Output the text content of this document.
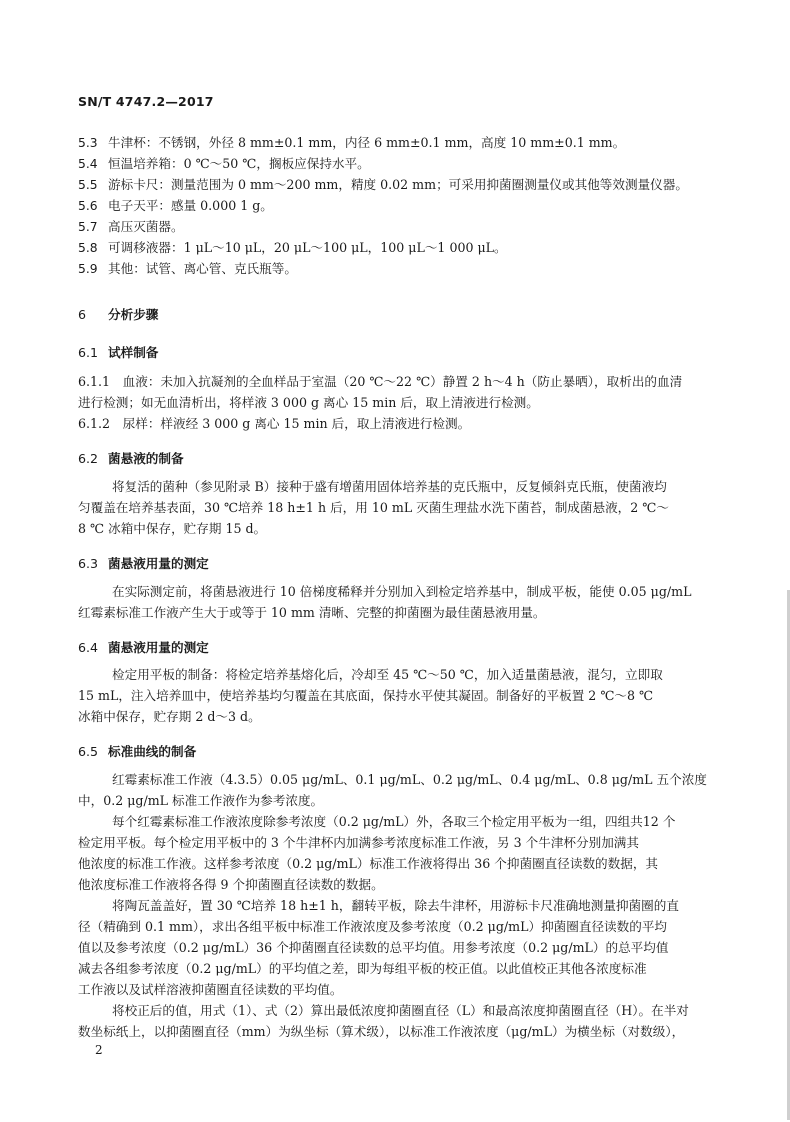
SN/T 4747.2—2017
5.3 牛津杯：不锈钢，外径 8 mm±0.1 mm，内径 6 mm±0.1 mm，高度 10 mm±0.1 mm。
5.4 恒温培养箱：0 ℃～50 ℃，搁板应保持水平。
5.5 游标卡尺：测量范围为 0 mm～200 mm，精度 0.02 mm；可采用抑菌圈测量仪或其他等效测量仪器。
5.6 电子天平：感量 0.000 1 g。
5.7 高压灭菌器。
5.8 可调移液器：1 μL～10 μL，20 μL～100 μL，100 μL～1 000 μL。
5.9 其他：试管、离心管、克氏瓶等。
6 分析步骤
6.1 试样制备
6.1.1　血液：未加入抗凝剂的全血样品于室温（20 ℃～22 ℃）静置 2 h～4 h（防止暴晒），取析出的血清
进行检测；如无血清析出，将样液 3 000 g 离心 15 min 后，取上清液进行检测。
6.1.2　尿样：样液经 3 000 g 离心 15 min 后，取上清液进行检测。
6.2 菌悬液的制备
将复活的菌种（参见附录 B）接种于盛有增菌用固体培养基的克氏瓶中，反复倾斜克氏瓶，使菌液均
匀覆盖在培养基表面，30 ℃培养 18 h±1 h 后，用 10 mL 灭菌生理盐水洗下菌苔，制成菌悬液，2 ℃～
8 ℃ 冰箱中保存，贮存期 15 d。
6.3 菌悬液用量的测定
在实际测定前，将菌悬液进行 10 倍梯度稀释并分别加入到检定培养基中，制成平板，能使 0.05 μg/mL
红霉素标准工作液产生大于或等于 10 mm 清晰、完整的抑菌圈为最佳菌悬液用量。
6.4 菌悬液用量的测定
检定用平板的制备：将检定培养基熔化后，冷却至 45 ℃～50 ℃，加入适量菌悬液，混匀，立即取
15 mL，注入培养皿中，使培养基均匀覆盖在其底面，保持水平使其凝固。制备好的平板置 2 ℃～8 ℃
冰箱中保存，贮存期 2 d～3 d。
6.5 标准曲线的制备
红霉素标准工作液（4.3.5）0.05 μg/mL、0.1 μg/mL、0.2 μg/mL、0.4 μg/mL、0.8 μg/mL 五个浓度
中，0.2 μg/mL 标准工作液作为参考浓度。
每个红霉素标准工作液浓度除参考浓度（0.2 μg/mL）外，各取三个检定用平板为一组，四组共12 个
检定用平板。每个检定用平板中的 3 个牛津杯内加满参考浓度标准工作液，另 3 个牛津杯分别加满其
他浓度的标准工作液。这样参考浓度（0.2 μg/mL）标准工作液将得出 36 个抑菌圈直径读数的数据，其
他浓度标准工作液将各得 9 个抑菌圈直径读数的数据。
将陶瓦盖盖好，置 30 ℃培养 18 h±1 h，翻转平板，除去牛津杯，用游标卡尺准确地测量抑菌圈的直
径（精确到 0.1 mm），求出各组平板中标准工作液浓度及参考浓度（0.2 μg/mL）抑菌圈直径读数的平均
值以及参考浓度（0.2 μg/mL）36 个抑菌圈直径读数的总平均值。用参考浓度（0.2 μg/mL）的总平均值
减去各组参考浓度（0.2 μg/mL）的平均值之差，即为每组平板的校正值。以此值校正其他各浓度标准
工作液以及试样溶液抑菌圈直径读数的平均值。
将校正后的值，用式（1）、式（2）算出最低浓度抑菌圈直径（L）和最高浓度抑菌圈直径（H）。在半对
数坐标纸上，以抑菌圈直径（mm）为纵坐标（算术级），以标准工作液浓度（μg/mL）为横坐标（对数级），
2
